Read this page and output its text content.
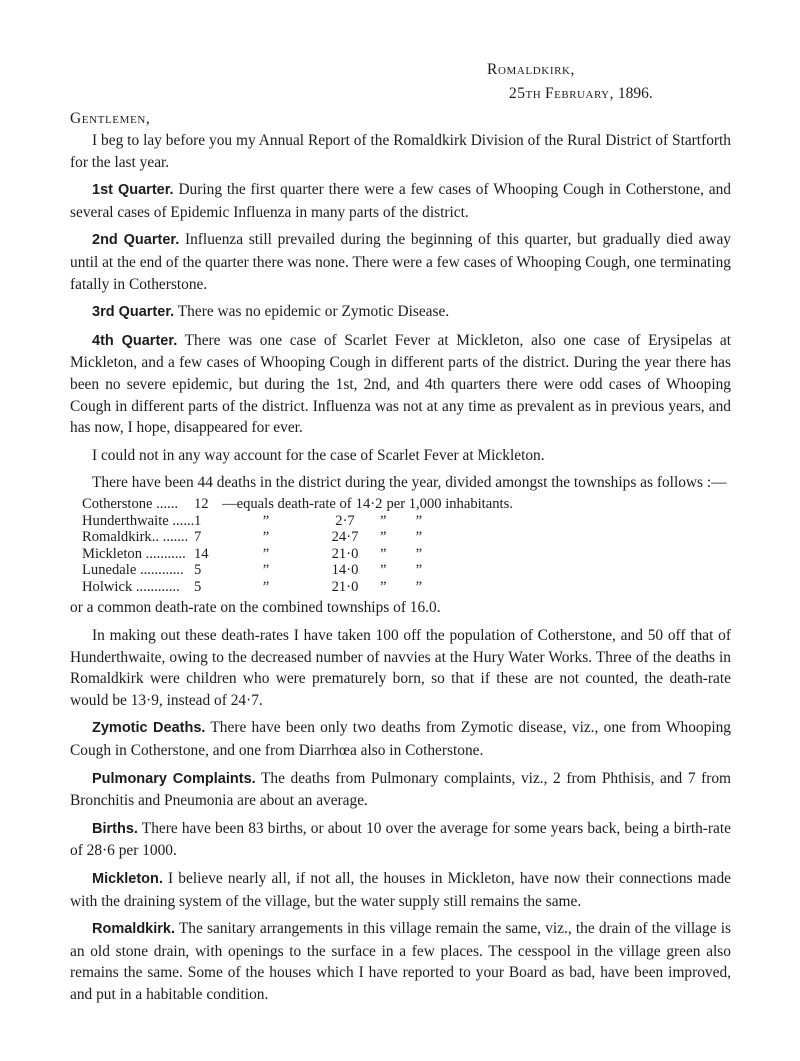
Romaldkirk,
25th February, 1896.
Gentlemen,

I beg to lay before you my Annual Report of the Romaldkirk Division of the Rural District of Startforth for the last year.

1st Quarter. During the first quarter there were a few cases of Whooping Cough in Cotherstone, and several cases of Epidemic Influenza in many parts of the district.

2nd Quarter. Influenza still prevailed during the beginning of this quarter, but gradually died away until at the end of the quarter there was none. There were a few cases of Whooping Cough, one terminating fatally in Cotherstone.

3rd Quarter. There was no epidemic or Zymotic Disease.

4th Quarter. There was one case of Scarlet Fever at Mickleton, also one case of Erysipelas at Mickleton, and a few cases of Whooping Cough in different parts of the district. During the year there has been no severe epidemic, but during the 1st, 2nd, and 4th quarters there were odd cases of Whooping Cough in different parts of the district. Influenza was not at any time as prevalent as in previous years, and has now, I hope, disappeared for ever.

I could not in any way account for the case of Scarlet Fever at Mickleton.

There have been 44 deaths in the district during the year, divided amongst the townships as follows :—

Cotherstone ......	12 —equals death-rate of 14·2 per 1,000 inhabitants.
Hunderthwaite ...... 1	”	2·7	”        ”
Romaldkirk.. ....... 7	”	24·7	”        ”
Mickleton ........... 14	”	21·0	”        ”
Lunedale ............ 5	”	14·0	”        ”
Holwick ............ 5	”	21·0	”        ”

or a common death-rate on the combined townships of 16.0.

In making out these death-rates I have taken 100 off the population of Cotherstone, and 50 off that of Hunderthwaite, owing to the decreased number of navvies at the Hury Water Works. Three of the deaths in Romaldkirk were children who were prematurely born, so that if these are not counted, the death-rate would be 13·9, instead of 24·7.

Zymotic Deaths. There have been only two deaths from Zymotic disease, viz., one from Whooping Cough in Cotherstone, and one from Diarrhœa also in Cotherstone.

Pulmonary Complaints. The deaths from Pulmonary complaints, viz., 2 from Phthisis, and 7 from Bronchitis and Pneumonia are about an average.

Births. There have been 83 births, or about 10 over the average for some years back, being a birth-rate of 28·6 per 1000.

Mickleton. I believe nearly all, if not all, the houses in Mickleton, have now their connections made with the draining system of the village, but the water supply still remains the same.

Romaldkirk. The sanitary arrangements in this village remain the same, viz., the drain of the village is an old stone drain, with openings to the surface in a few places. The cesspool in the village green also remains the same. Some of the houses which I have reported to your Board as bad, have been improved, and put in a habitable condition.
